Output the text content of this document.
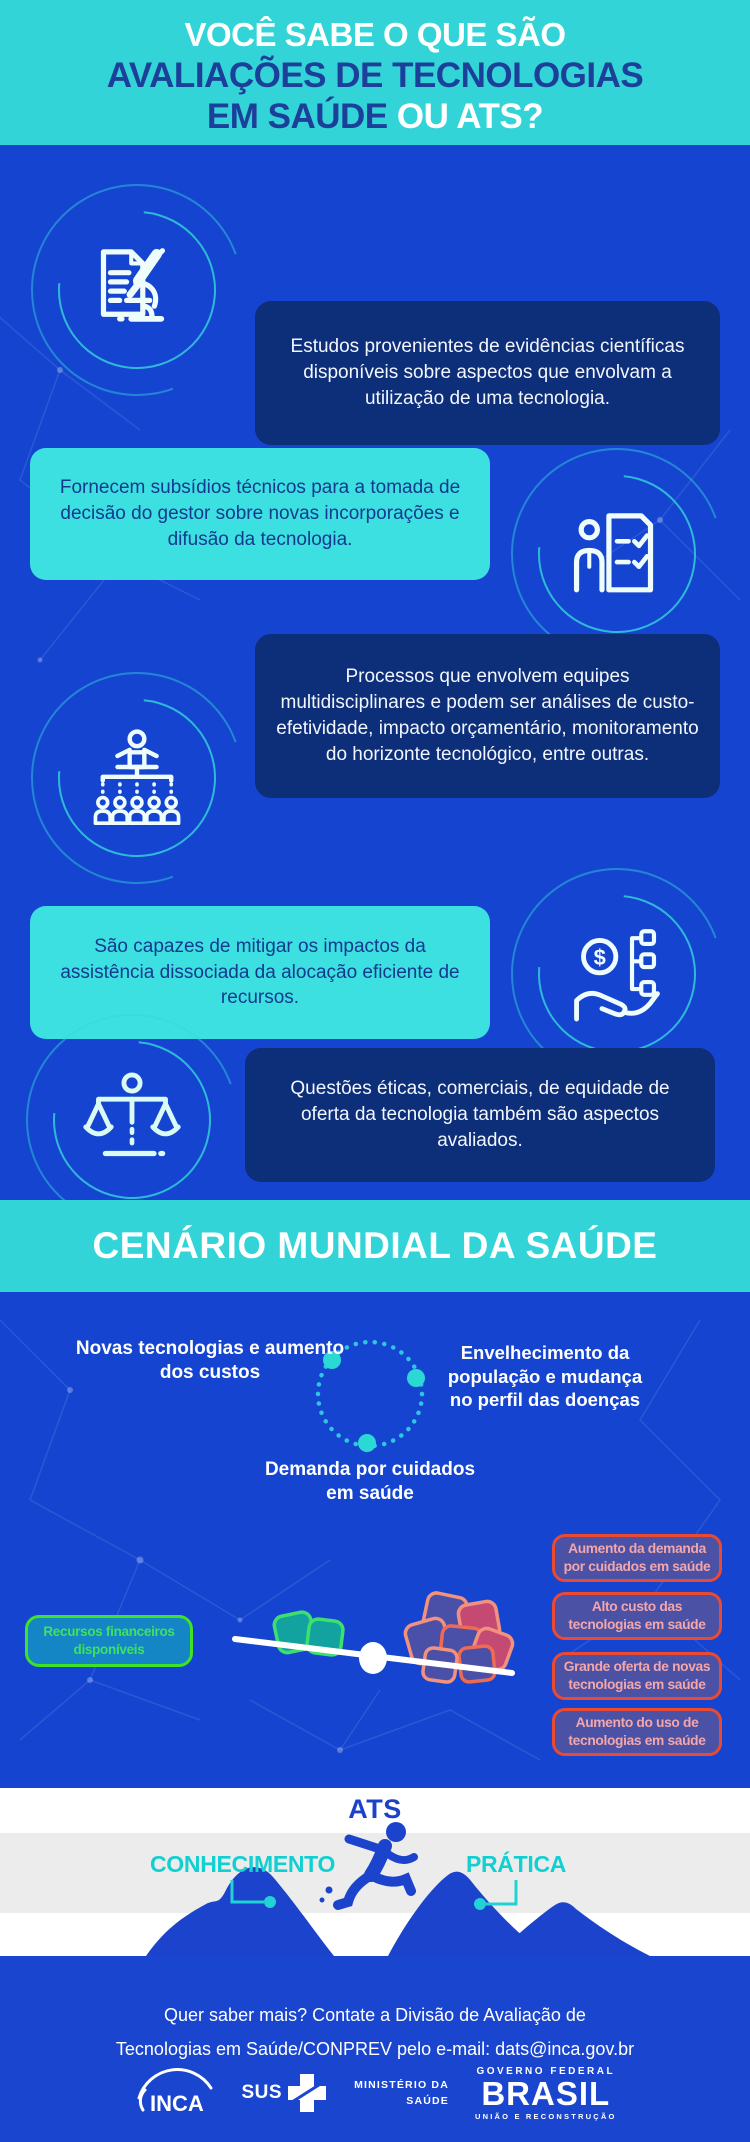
VOCÊ SABE O QUE SÃO
AVALIAÇÕES DE TECNOLOGIAS
EM SAÚDE OU ATS?
Estudos provenientes de evidências científicas disponíveis sobre aspectos que envolvam a utilização de uma tecnologia.
Fornecem subsídios técnicos para a tomada de decisão do gestor sobre novas incorporações e difusão da tecnologia.
Processos que envolvem equipes multidisciplinares e podem ser análises de custo-efetividade, impacto orçamentário, monitoramento do horizonte tecnológico, entre outras.
São capazes de mitigar os impactos da assistência dissociada da alocação eficiente de recursos.
$
Questões éticas, comerciais, de equidade de oferta da tecnologia também são aspectos avaliados.
CENÁRIO MUNDIAL DA SAÚDE
Novas tecnologias e aumento dos custos
Envelhecimento da população e mudança no perfil das doenças
Demanda por cuidados em saúde
Recursos financeiros disponíveis
Aumento da demanda por cuidados em saúde
Alto custo das tecnologias em saúde
Grande oferta de novas tecnologias em saúde
Aumento do uso de tecnologias em saúde
ATS
CONHECIMENTO	PRÁTICA
Quer saber mais? Contate a Divisão de Avaliação de
Tecnologias em Saúde/CONPREV pelo e-mail: dats@inca.gov.br
INCA SUS	MINISTÉRIO DA
SAÚDE
GOVERNO FEDERAL
BRASIL
UNIÃO E RECONSTRUÇÃO
